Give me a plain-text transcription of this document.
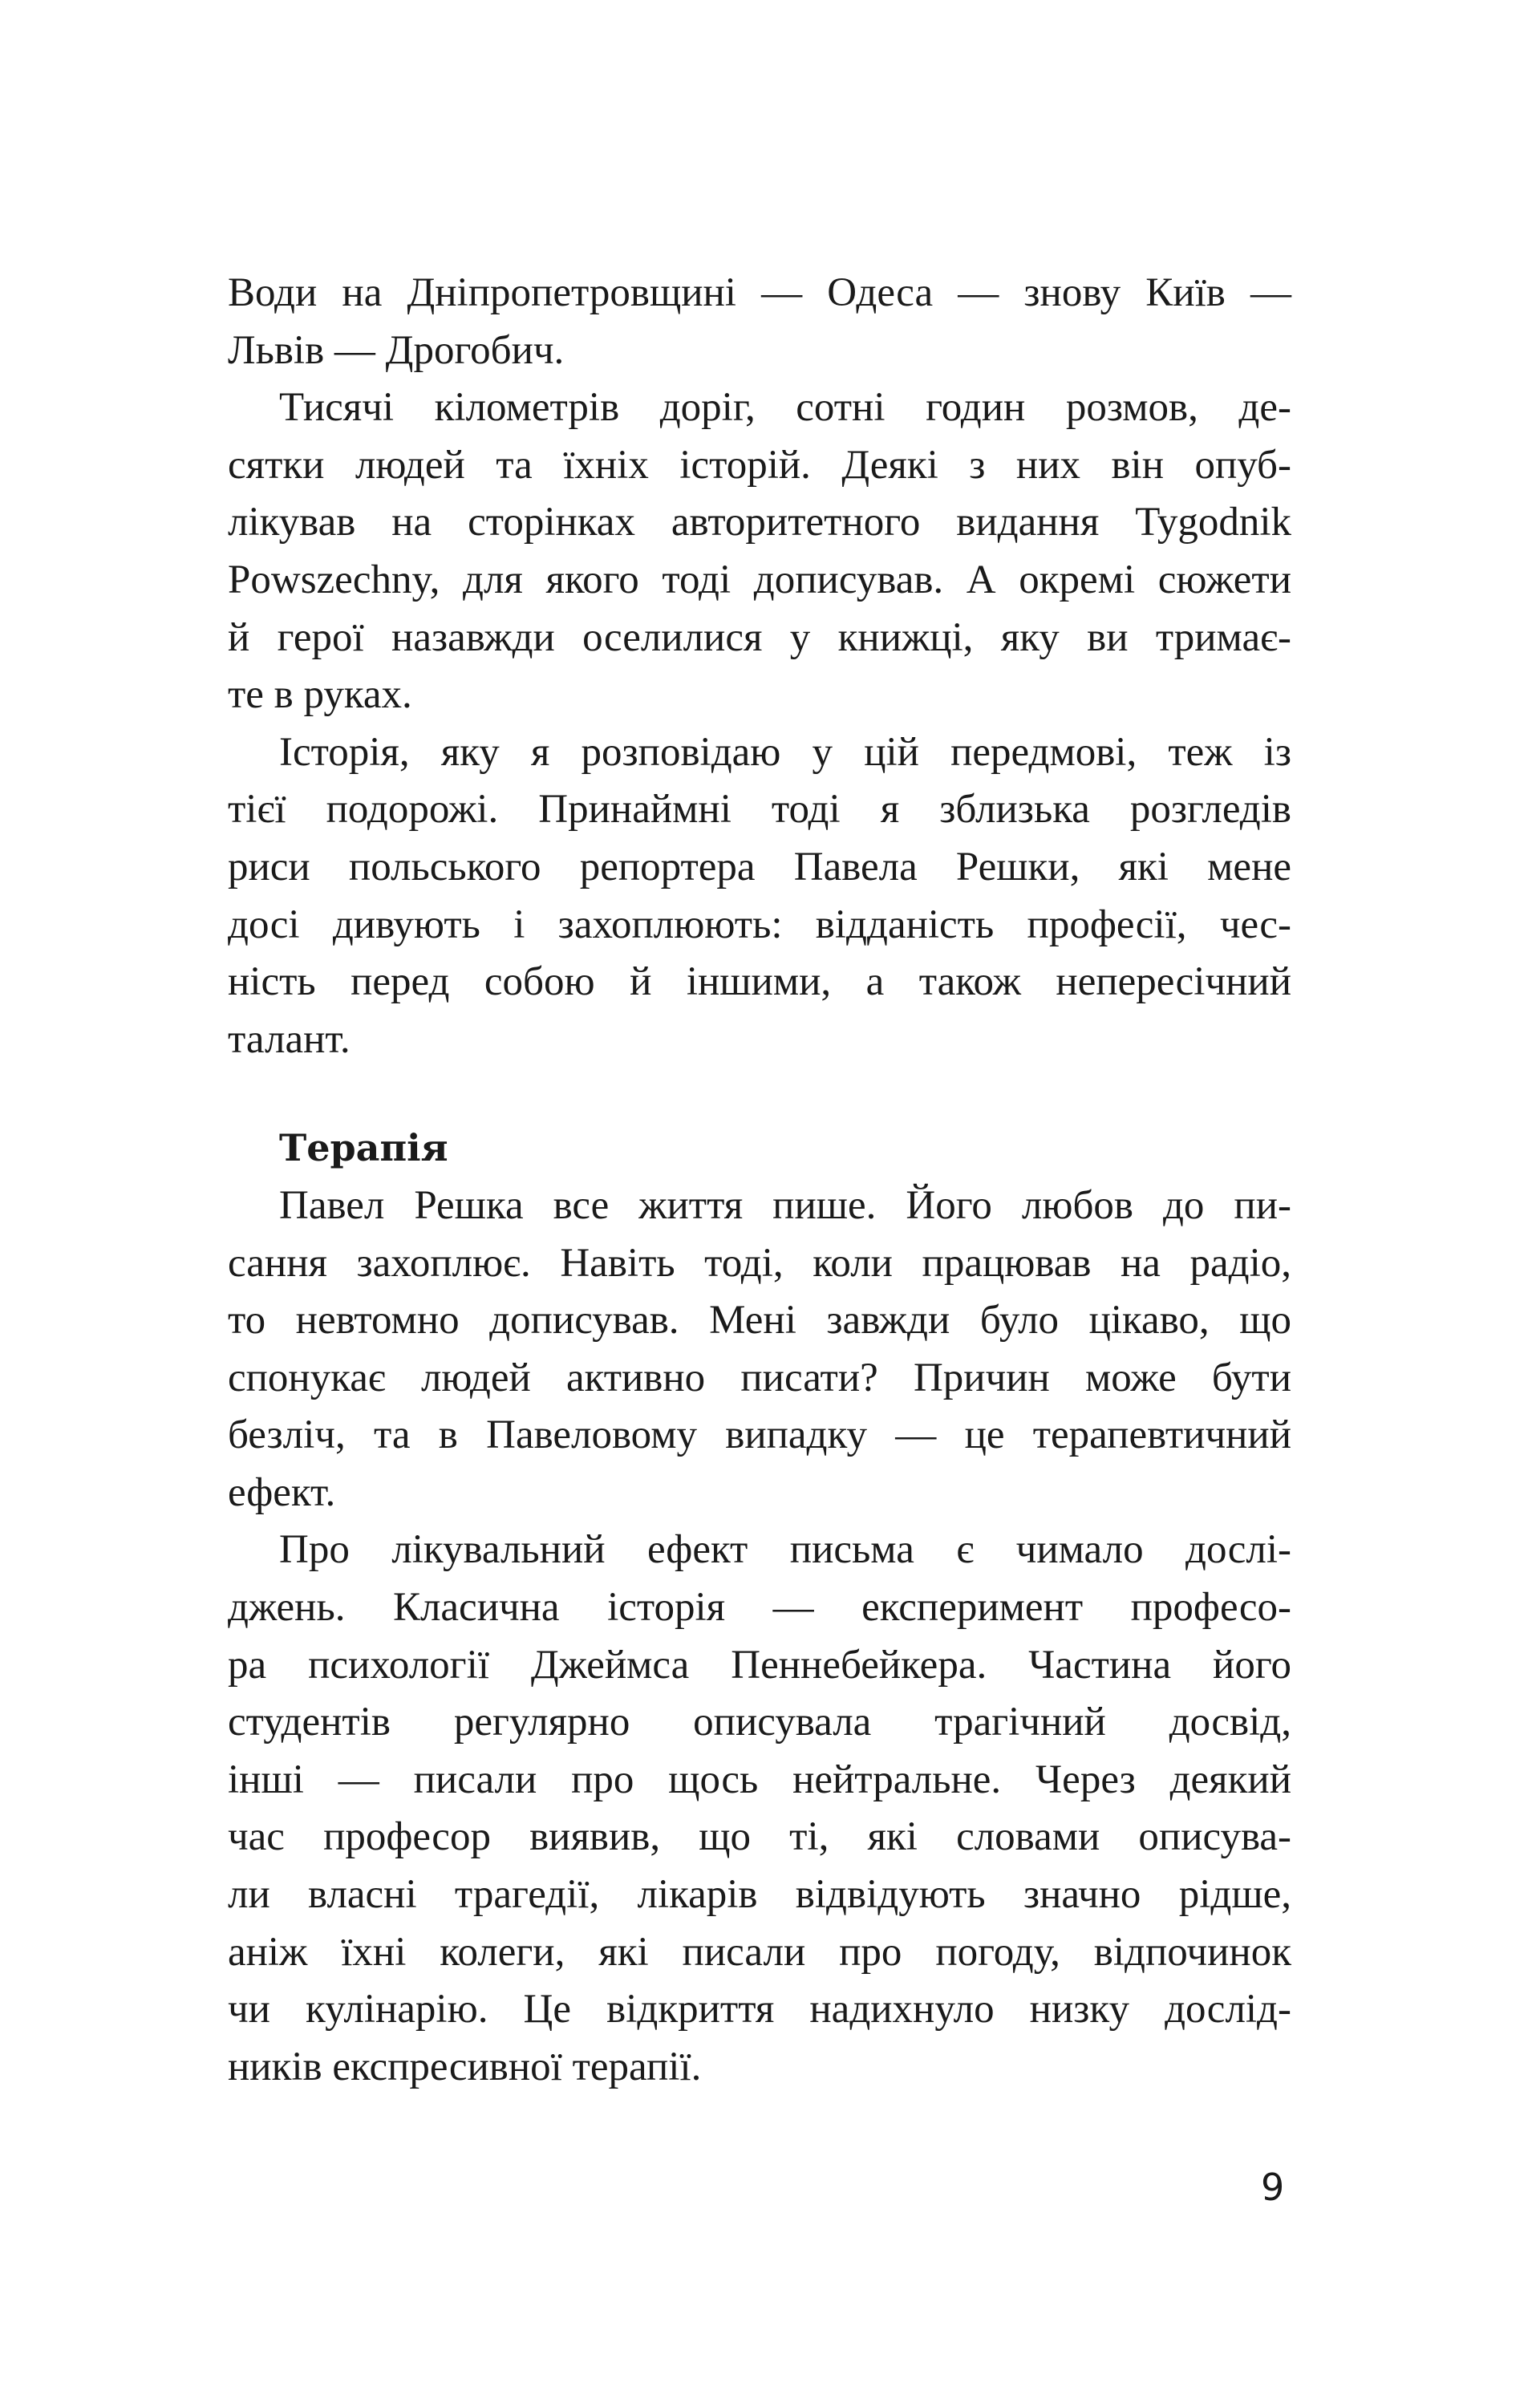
Води на Дніпропетровщині — Одеса — знову Київ —
Львів — Дрогобич.
Тисячі кілометрів доріг, сотні годин розмов, де-
сятки людей та їхніх історій. Деякі з них він опуб-
лікував на сторінках авторитетного видання Tygodnik
Powszechny, для якого тоді дописував. А окремі сюжети
й герої назавжди оселилися у книжці, яку ви тримає-
те в руках.
Історія, яку я розповідаю у цій передмові, теж із
тієї подорожі. Принаймні тоді я зблизька розгледів
риси польського репортера Павела Решки, які мене
досі дивують і захоплюють: відданість професії, чес-
ність перед собою й іншими, а також непересічний
талант.
Терапія
Павел Решка все життя пише. Його любов до пи-
сання захоплює. Навіть тоді, коли працював на радіо,
то невтомно дописував. Мені завжди було цікаво, що
спонукає людей активно писати? Причин може бути
безліч, та в Павеловому випадку — це терапевтичний
ефект.
Про лікувальний ефект письма є чимало дослі-
джень. Класична історія — експеримент професо-
ра психології Джеймса Пеннебейкера. Частина його
студентів регулярно описувала трагічний досвід,
інші — писали про щось нейтральне. Через деякий
час професор виявив, що ті, які словами описува-
ли власні трагедії, лікарів відвідують значно рідше,
аніж їхні колеги, які писали про погоду, відпочинок
чи кулінарію. Це відкриття надихнуло низку дослід-
ників експресивної терапії.
9
